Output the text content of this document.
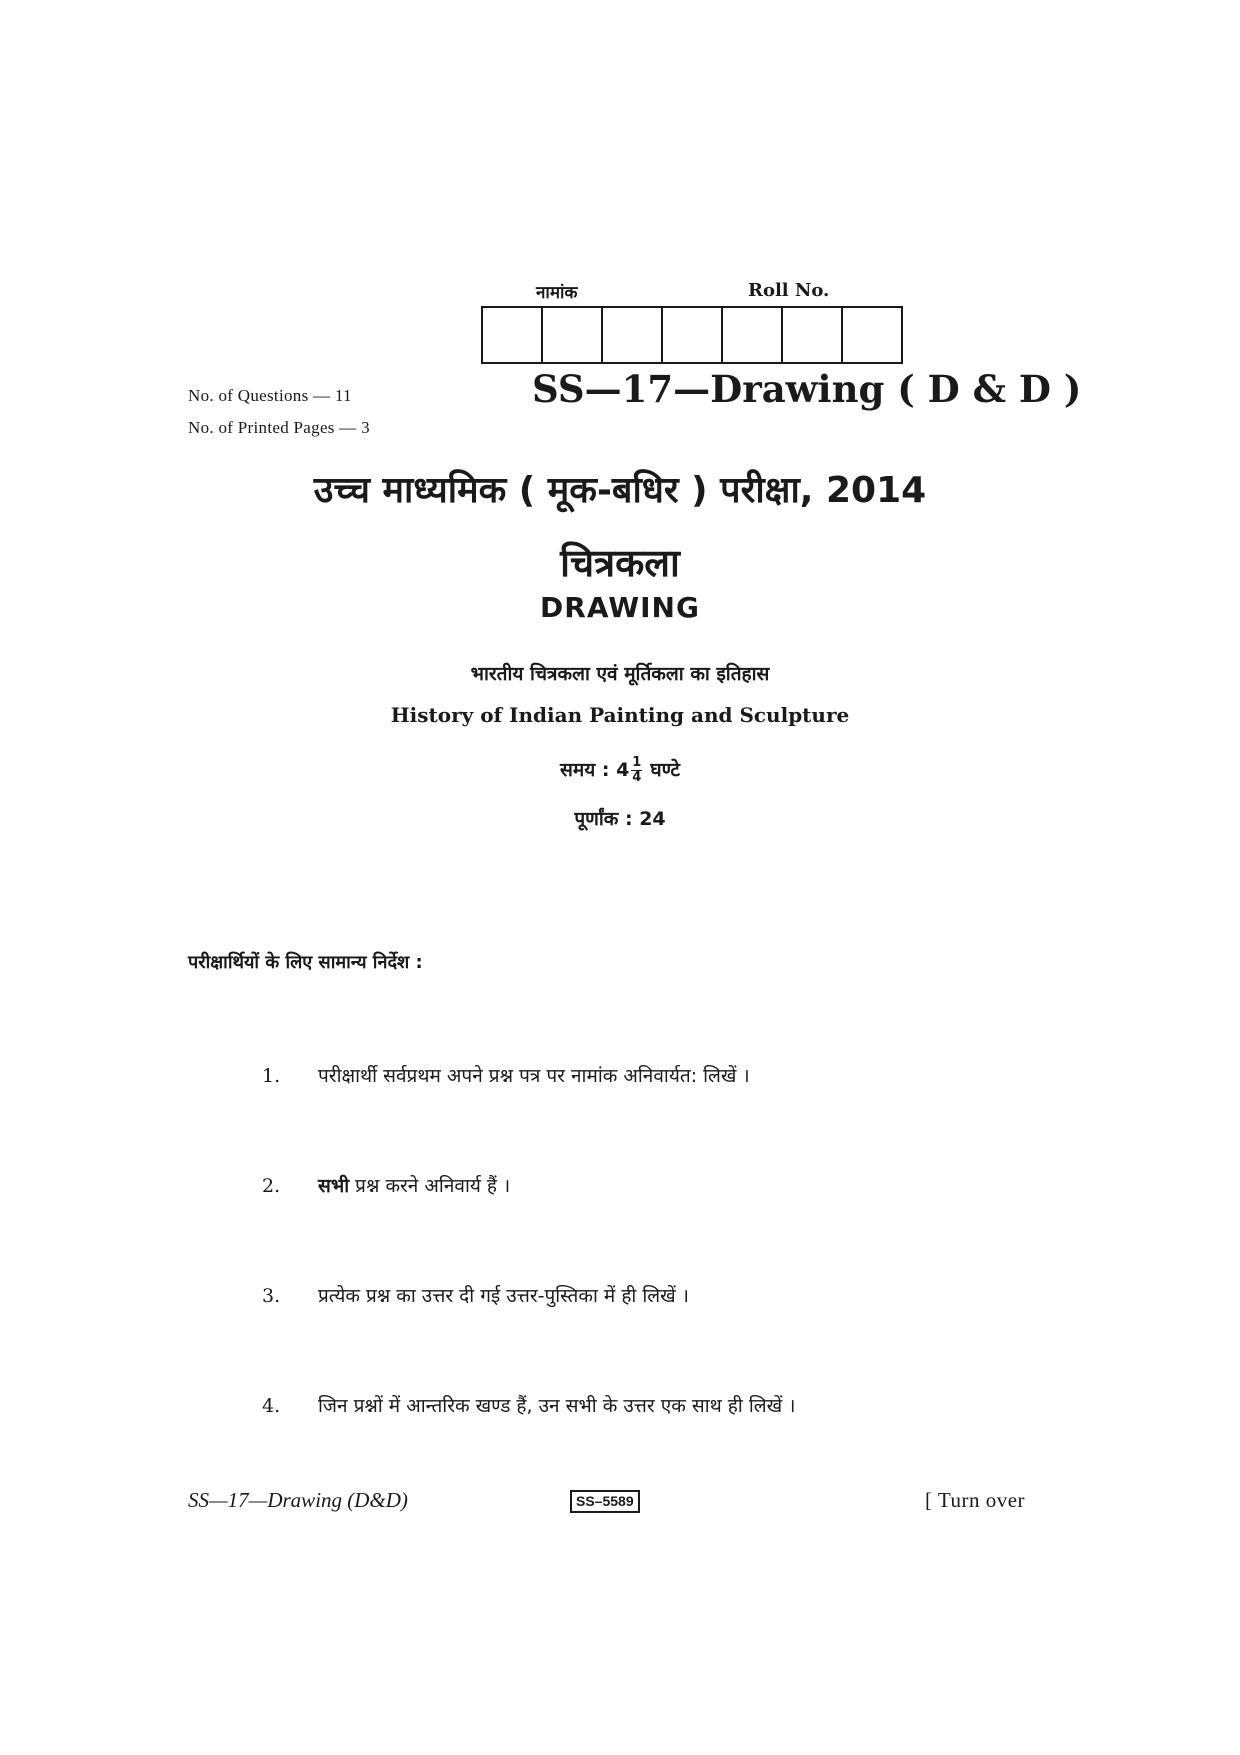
नामांक	Roll No.
No. of Questions — 11
No. of Printed Pages — 3
SS—17—Drawing ( D & D )
उच्च माध्यमिक ( मूक-बधिर ) परीक्षा, 2014
चित्रकला
DRAWING
भारतीय चित्रकला एवं मूर्तिकला का इतिहास
History of Indian Painting and Sculpture
समय : $4 \frac{1}{4}$ घण्टे
पूर्णांक : 24
परीक्षार्थियों के लिए सामान्य निर्देश :
1. परीक्षार्थी सर्वप्रथम अपने प्रश्न पत्र पर नामांक अनिवार्यत: लिखें ।
2. सभी प्रश्न करने अनिवार्य हैं ।
3. प्रत्येक प्रश्न का उत्तर दी गई उत्तर-पुस्तिका में ही लिखें ।
4. जिन प्रश्नों में आन्तरिक खण्ड हैं, उन सभी के उत्तर एक साथ ही लिखें ।
SS—17—Drawing (D&D)	SS–5589	[ Turn over
